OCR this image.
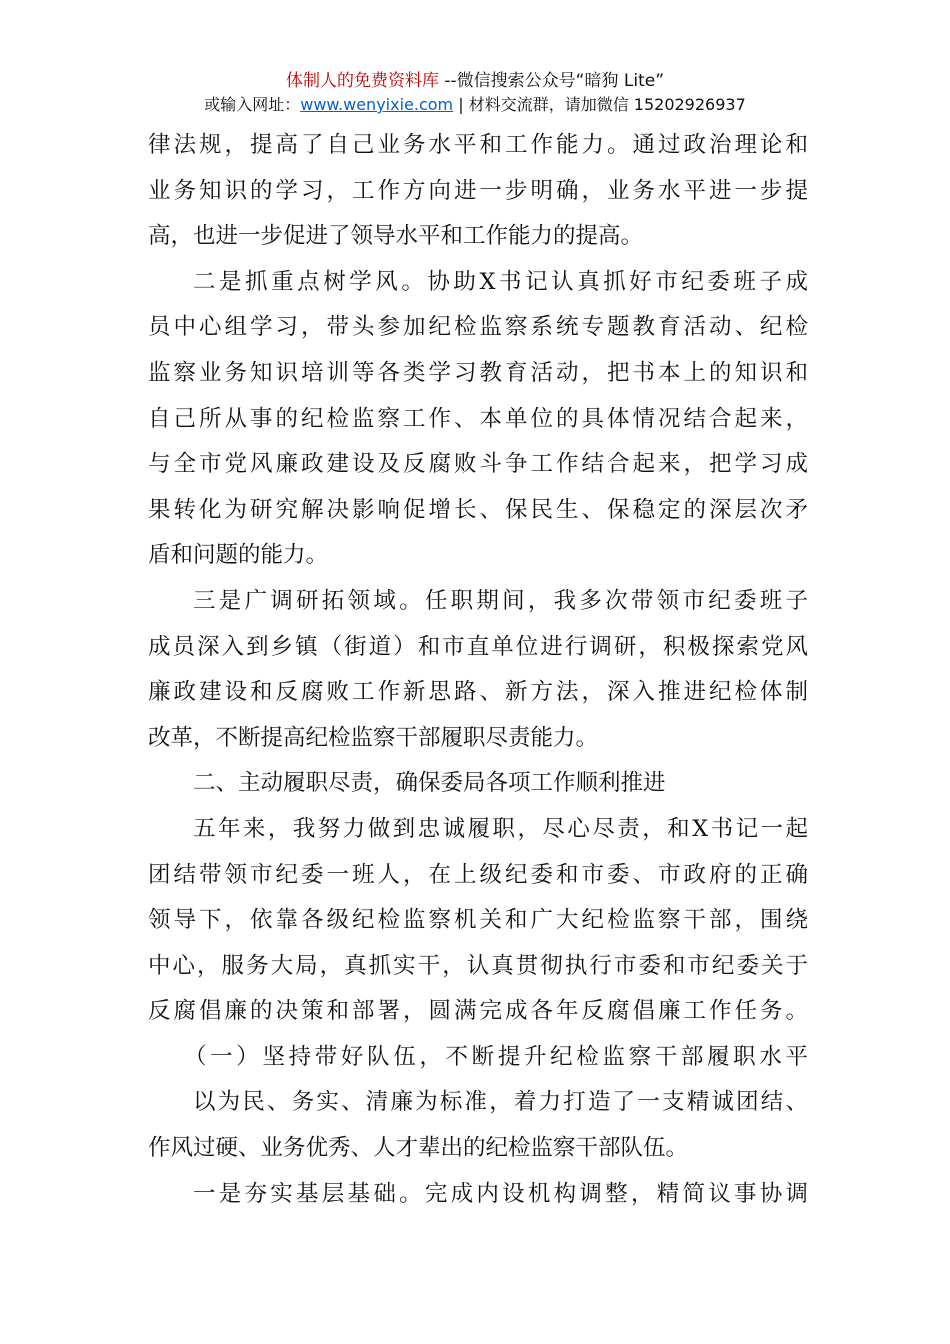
体制人的免费资料库 --微信搜索公众号“暗狗 Lite”
或输入网址：www.wenyixie.com | 材料交流群，请加微信 15202926937
律法规，提高了自己业务水平和工作能力。通过政治理论和
业务知识的学习，工作方向进一步明确，业务水平进一步提
高，也进一步促进了领导水平和工作能力的提高。
二是抓重点树学风。协助X书记认真抓好市纪委班子成
员中心组学习，带头参加纪检监察系统专题教育活动、纪检
监察业务知识培训等各类学习教育活动，把书本上的知识和
自己所从事的纪检监察工作、本单位的具体情况结合起来，
与全市党风廉政建设及反腐败斗争工作结合起来，把学习成
果转化为研究解决影响促增长、保民生、保稳定的深层次矛
盾和问题的能力。
三是广调研拓领域。任职期间，我多次带领市纪委班子
成员深入到乡镇（街道）和市直单位进行调研，积极探索党风
廉政建设和反腐败工作新思路、新方法，深入推进纪检体制
改革，不断提高纪检监察干部履职尽责能力。
二、主动履职尽责，确保委局各项工作顺利推进
五年来，我努力做到忠诚履职，尽心尽责，和X书记一起
团结带领市纪委一班人，在上级纪委和市委、市政府的正确
领导下，依靠各级纪检监察机关和广大纪检监察干部，围绕
中心，服务大局，真抓实干，认真贯彻执行市委和市纪委关于
反腐倡廉的决策和部署，圆满完成各年反腐倡廉工作任务。
（一）坚持带好队伍，不断提升纪检监察干部履职水平
以为民、务实、清廉为标准，着力打造了一支精诚团结、
作风过硬、业务优秀、人才辈出的纪检监察干部队伍。
一是夯实基层基础。完成内设机构调整，精简议事协调
